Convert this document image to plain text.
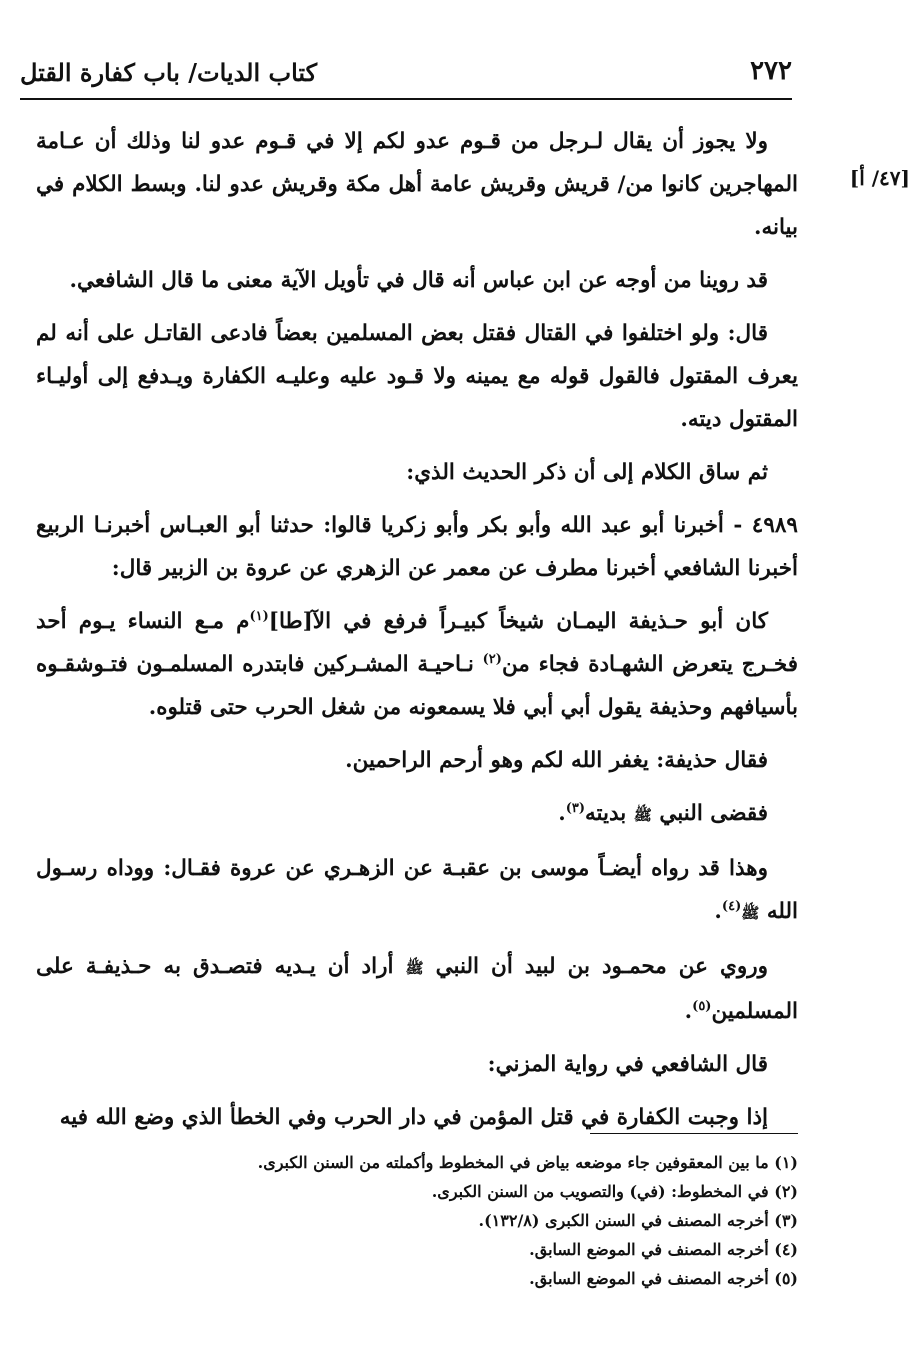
كتاب الديات/ باب كفارة القتل	٢٧٢
[٤٧/ أ]

ولا يجوز أن يقال لـرجل من قـوم عدو لكم إلا في قـوم عدو لنا وذلك أن عـامة المهاجرين كانوا من/ قريش وقريش عامة أهل مكة وقريش عدو لنا. وبسط الكلام في بيانه.

قد روينا من أوجه عن ابن عباس أنه قال في تأويل الآية معنى ما قال الشافعي.

قال: ولو اختلفوا في القتال فقتل بعض المسلمين بعضاً فادعى القاتـل على أنه لم يعرف المقتول فالقول قوله مع يمينه ولا قـود عليه وعليـه الكفارة ويـدفع إلى أوليـاء المقتول ديته.

ثم ساق الكلام إلى أن ذكر الحديث الذي:

٤٩٨٩ - أخبرنا أبو عبد الله وأبو بكر وأبو زكريا قالوا: حدثنا أبو العبـاس أخبرنـا الربيع أخبرنا الشافعي أخبرنا مطرف عن معمر عن الزهري عن عروة بن الزبير قال:

كان أبو حـذيفة اليمـان شيخاً كبيـراً فرفع في الآ[طا]$^{(١)}$م مـع النساء يـوم أحد فخـرج يتعرض الشهـادة فجاء من$^{(٢)}$ نـاحيـة المشـركين فابتدره المسلمـون فتـوشقـوه بأسيافهم وحذيفة يقول أبي أبي فلا يسمعونه من شغل الحرب حتى قتلوه.

فقال حذيفة: يغفر الله لكم وهو أرحم الراحمين.

فقضى النبي ﷺ بديته$^{(٣)}$.

وهذا قد رواه أيضـاً موسى بن عقبـة عن الزهـري عن عروة فقـال: ووداه رسـول الله ﷺ$^{(٤)}$.

وروي عن محمـود بن لبيد أن النبي ﷺ أراد أن يـديه فتصـدق به حـذيفـة على المسلمين$^{(٥)}$.

قال الشافعي في رواية المزني:

إذا وجبت الكفارة في قتل المؤمن في دار الحرب وفي الخطأ الذي وضع الله فيه

(١) ما بين المعقوفين جاء موضعه بياض في المخطوط وأكملته من السنن الكبرى.

(٢) في المخطوط: (في) والتصويب من السنن الكبرى.

(٣) أخرجه المصنف في السنن الكبرى (١٣٢/٨).

(٤) أخرجه المصنف في الموضع السابق.

(٥) أخرجه المصنف في الموضع السابق.
